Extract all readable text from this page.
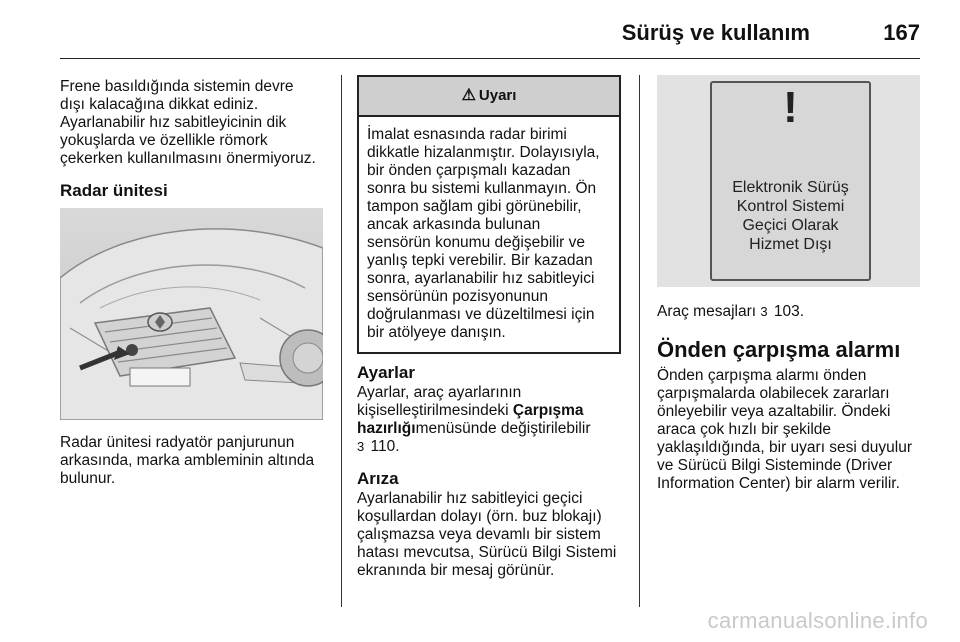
Sürüş ve kullanım	167

Frene basıldığında sistemin devre
dışı kalacağına dikkat ediniz.
Ayarlanabilir hız sabitleyicinin dik
yokuşlarda ve özellikle römork
çekerken kullanılmasını önermiyoruz.

Radar ünitesi

Radar ünitesi radyatör panjurunun
arkasında, marka ambleminin altında
bulunur.

⚠ Uyarı
İmalat esnasında radar birimi
dikkatle hizalanmıştır. Dolayısıyla,
bir önden çarpışmalı kazadan
sonra bu sistemi kullanmayın. Ön
tampon sağlam gibi görünebilir,
ancak arkasında bulunan
sensörün konumu değişebilir ve
yanlış tepki verebilir. Bir kazadan
sonra, ayarlanabilir hız sabitleyici
sensörünün pozisyonunun
doğrulanması ve düzeltilmesi için
bir atölyeye danışın.
Ayarlar

Ayarlar, araç ayarlarının

kişiselleştirilmesindeki Çarpışma

hazırlığımenüsünde değiştirilebilir

3 110.

Arıza

Ayarlanabilir hız sabitleyici geçici
koşullardan dolayı (örn. buz blokajı)
çalışmazsa veya devamlı bir sistem
hatası mevcutsa, Sürücü Bilgi Sistemi
ekranında bir mesaj görünür.

!
Elektronik Sürüş
Kontrol Sistemi
Geçici Olarak
Hizmet Dışı

Araç mesajları 3 103.

Önden çarpışma alarmı

Önden çarpışma alarmı önden
çarpışmalarda olabilecek zararları
önleyebilir veya azaltabilir. Öndeki
araca çok hızlı bir şekilde
yaklaşıldığında, bir uyarı sesi duyulur
ve Sürücü Bilgi Sisteminde (Driver
Information Center) bir alarm verilir.

carmanualsonline.info
